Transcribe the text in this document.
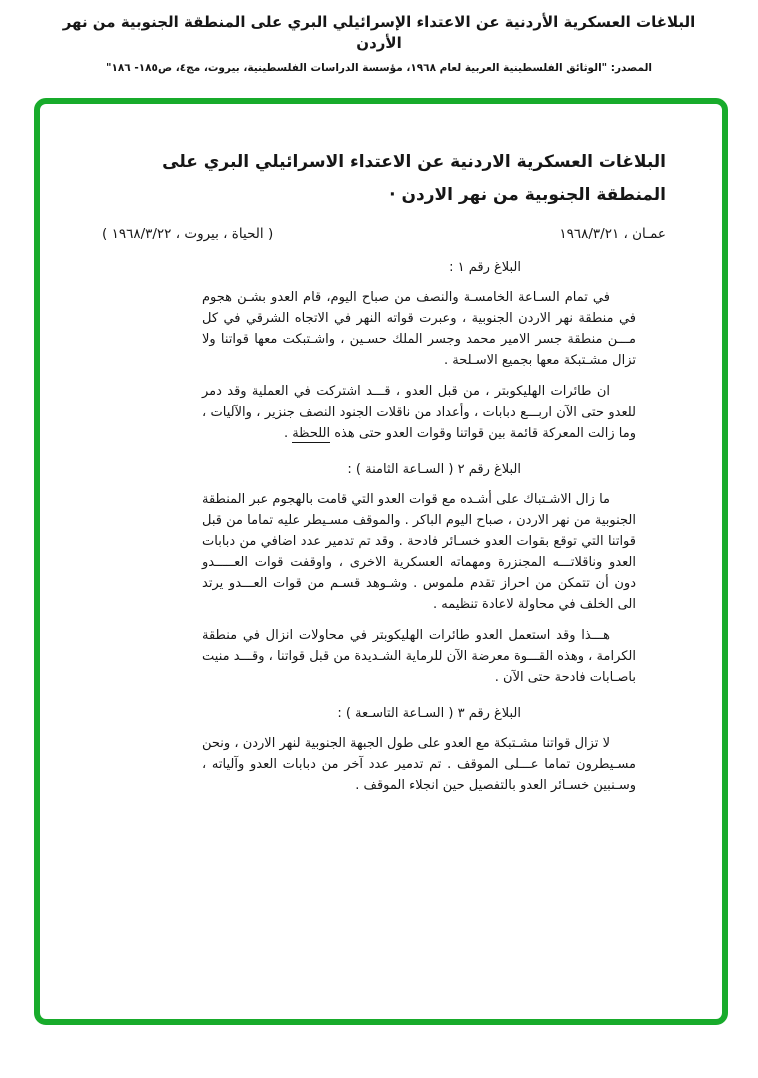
البلاغات العسكرية الأردنية عن الاعتداء الإسرائيلي البري على المنطقة الجنوبية من نهر الأردن
المصدر: "الوثائق الفلسطينية العربية لعام ١٩٦٨، مؤسسة الدراسات الفلسطينية، بيروت، مج٤، ص١٨٥- ١٨٦"
البلاغات العسكرية الاردنية عن الاعتداء الاسرائيلي البري على المنطقة الجنوبية من نهر الاردن ·
عمـان ، ١٩٦٨/٣/٢١
( الحياة ، بيروت ، ١٩٦٨/٣/٢٢ )
البلاغ رقم ١ :

في تمام السـاعة الخامسـة والنصف من صباح اليوم، قام العدو بشـن هجوم في منطقة نهر الاردن الجنوبية ، وعبرت قواته النهر في الاتجاه الشرقي في كل مـــن منطقة جسر الامير محمد وجسر الملك حسـين ، واشـتبكت معها قواتنا ولا تزال مشـتبكة معها بجميع الاسـلحة .

ان طائرات الهليكوبتر ، من قبل العدو ، قـــد اشتركت في العملية وقد دمر للعدو حتى الآن اربـــع دبابات ، وأعداد من ناقلات الجنود النصف جنزير ، والآليات ، وما زالت المعركة قائمة بين قواتنا وقوات العدو حتى هذه اللحظة .

البلاغ رقم ٢ ( السـاعة الثامنة ) :

ما زال الاشـتباك على أشـده مع قوات العدو التي قامت بالهجوم عبر المنطقة الجنوبية من نهر الاردن ، صباح اليوم الباكر . والموقف مسـيطر عليه تماما من قبل قواتنا التي توقع بقوات العدو خسـائر فادحة . وقد تم تدمير عدد اضافي من دبابات العدو وناقلاتـــه المجنزرة ومهماته العسكرية الاخرى ، واوقفت قوات العـــــدو دون أن تتمكن من احراز تقدم ملموس . وشـوهد قسـم من قوات العـــدو يرتد الى الخلف في محاولة لاعادة تنظيمه .

هـــذا وقد استعمل العدو طائرات الهليكوبتر في محاولات انزال في منطقة الكرامة ، وهذه القـــوة معرضة الآن للرماية الشـديدة من قبل قواتنا ، وقـــد منيت باصـابات فادحة حتى الآن .

البلاغ رقم ٣ ( السـاعة التاسـعة ) :

لا تزال قواتنا مشـتبكة مع العدو على طول الجبهة الجنوبية لنهر الاردن ، ونحن مسـيطرون تماما عـــلى الموقف . تم تدمير عدد آخر من دبابات العدو وآلياته ، وسـنبين خسـائر العدو بالتفصيل حين انجلاء الموقف .
